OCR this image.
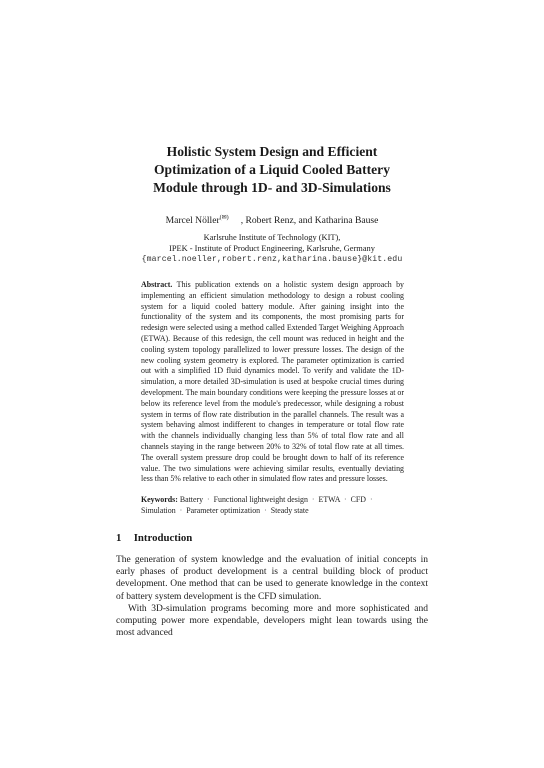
Holistic System Design and Efficient
Optimization of a Liquid Cooled Battery
Module through 1D- and 3D-Simulations
Marcel Nöller(✉) , Robert Renz, and Katharina Bause
Karlsruhe Institute of Technology (KIT),
IPEK - Institute of Product Engineering, Karlsruhe, Germany
{marcel.noeller,robert.renz,katharina.bause}@kit.edu
Abstract. This publication extends on a holistic system design approach by implementing an efficient simulation methodology to design a robust cooling system for a liquid cooled battery module. After gaining insight into the functionality of the system and its components, the most promising parts for redesign were selected using a method called Extended Target Weighing Approach (ETWA). Because of this redesign, the cell mount was reduced in height and the cooling system topology parallelized to lower pressure losses. The design of the new cooling system geometry is explored. The parameter optimization is carried out with a simplified 1D fluid dynamics model. To verify and validate the 1D-simulation, a more detailed 3D-simulation is used at bespoke crucial times during development. The main boundary conditions were keeping the pressure losses at or below its reference level from the module's predecessor, while designing a robust system in terms of flow rate distribution in the parallel channels. The result was a system behaving almost indifferent to changes in temperature or total flow rate with the channels individually changing less than 5% of total flow rate and all channels staying in the range between 20% to 32% of total flow rate at all times. The overall system pressure drop could be brought down to half of its reference value. The two simulations were achieving similar results, eventually deviating less than 5% relative to each other in simulated flow rates and pressure losses.
Keywords: Battery · Functional lightweight design · ETWA · CFD · Simulation · Parameter optimization · Steady state
1 Introduction

The generation of system knowledge and the evaluation of initial concepts in early phases of product development is a central building block of product development. One method that can be used to generate knowledge in the context of battery system development is the CFD simulation.

With 3D-simulation programs becoming more and more sophisticated and computing power more expendable, developers might lean towards using the most advanced
